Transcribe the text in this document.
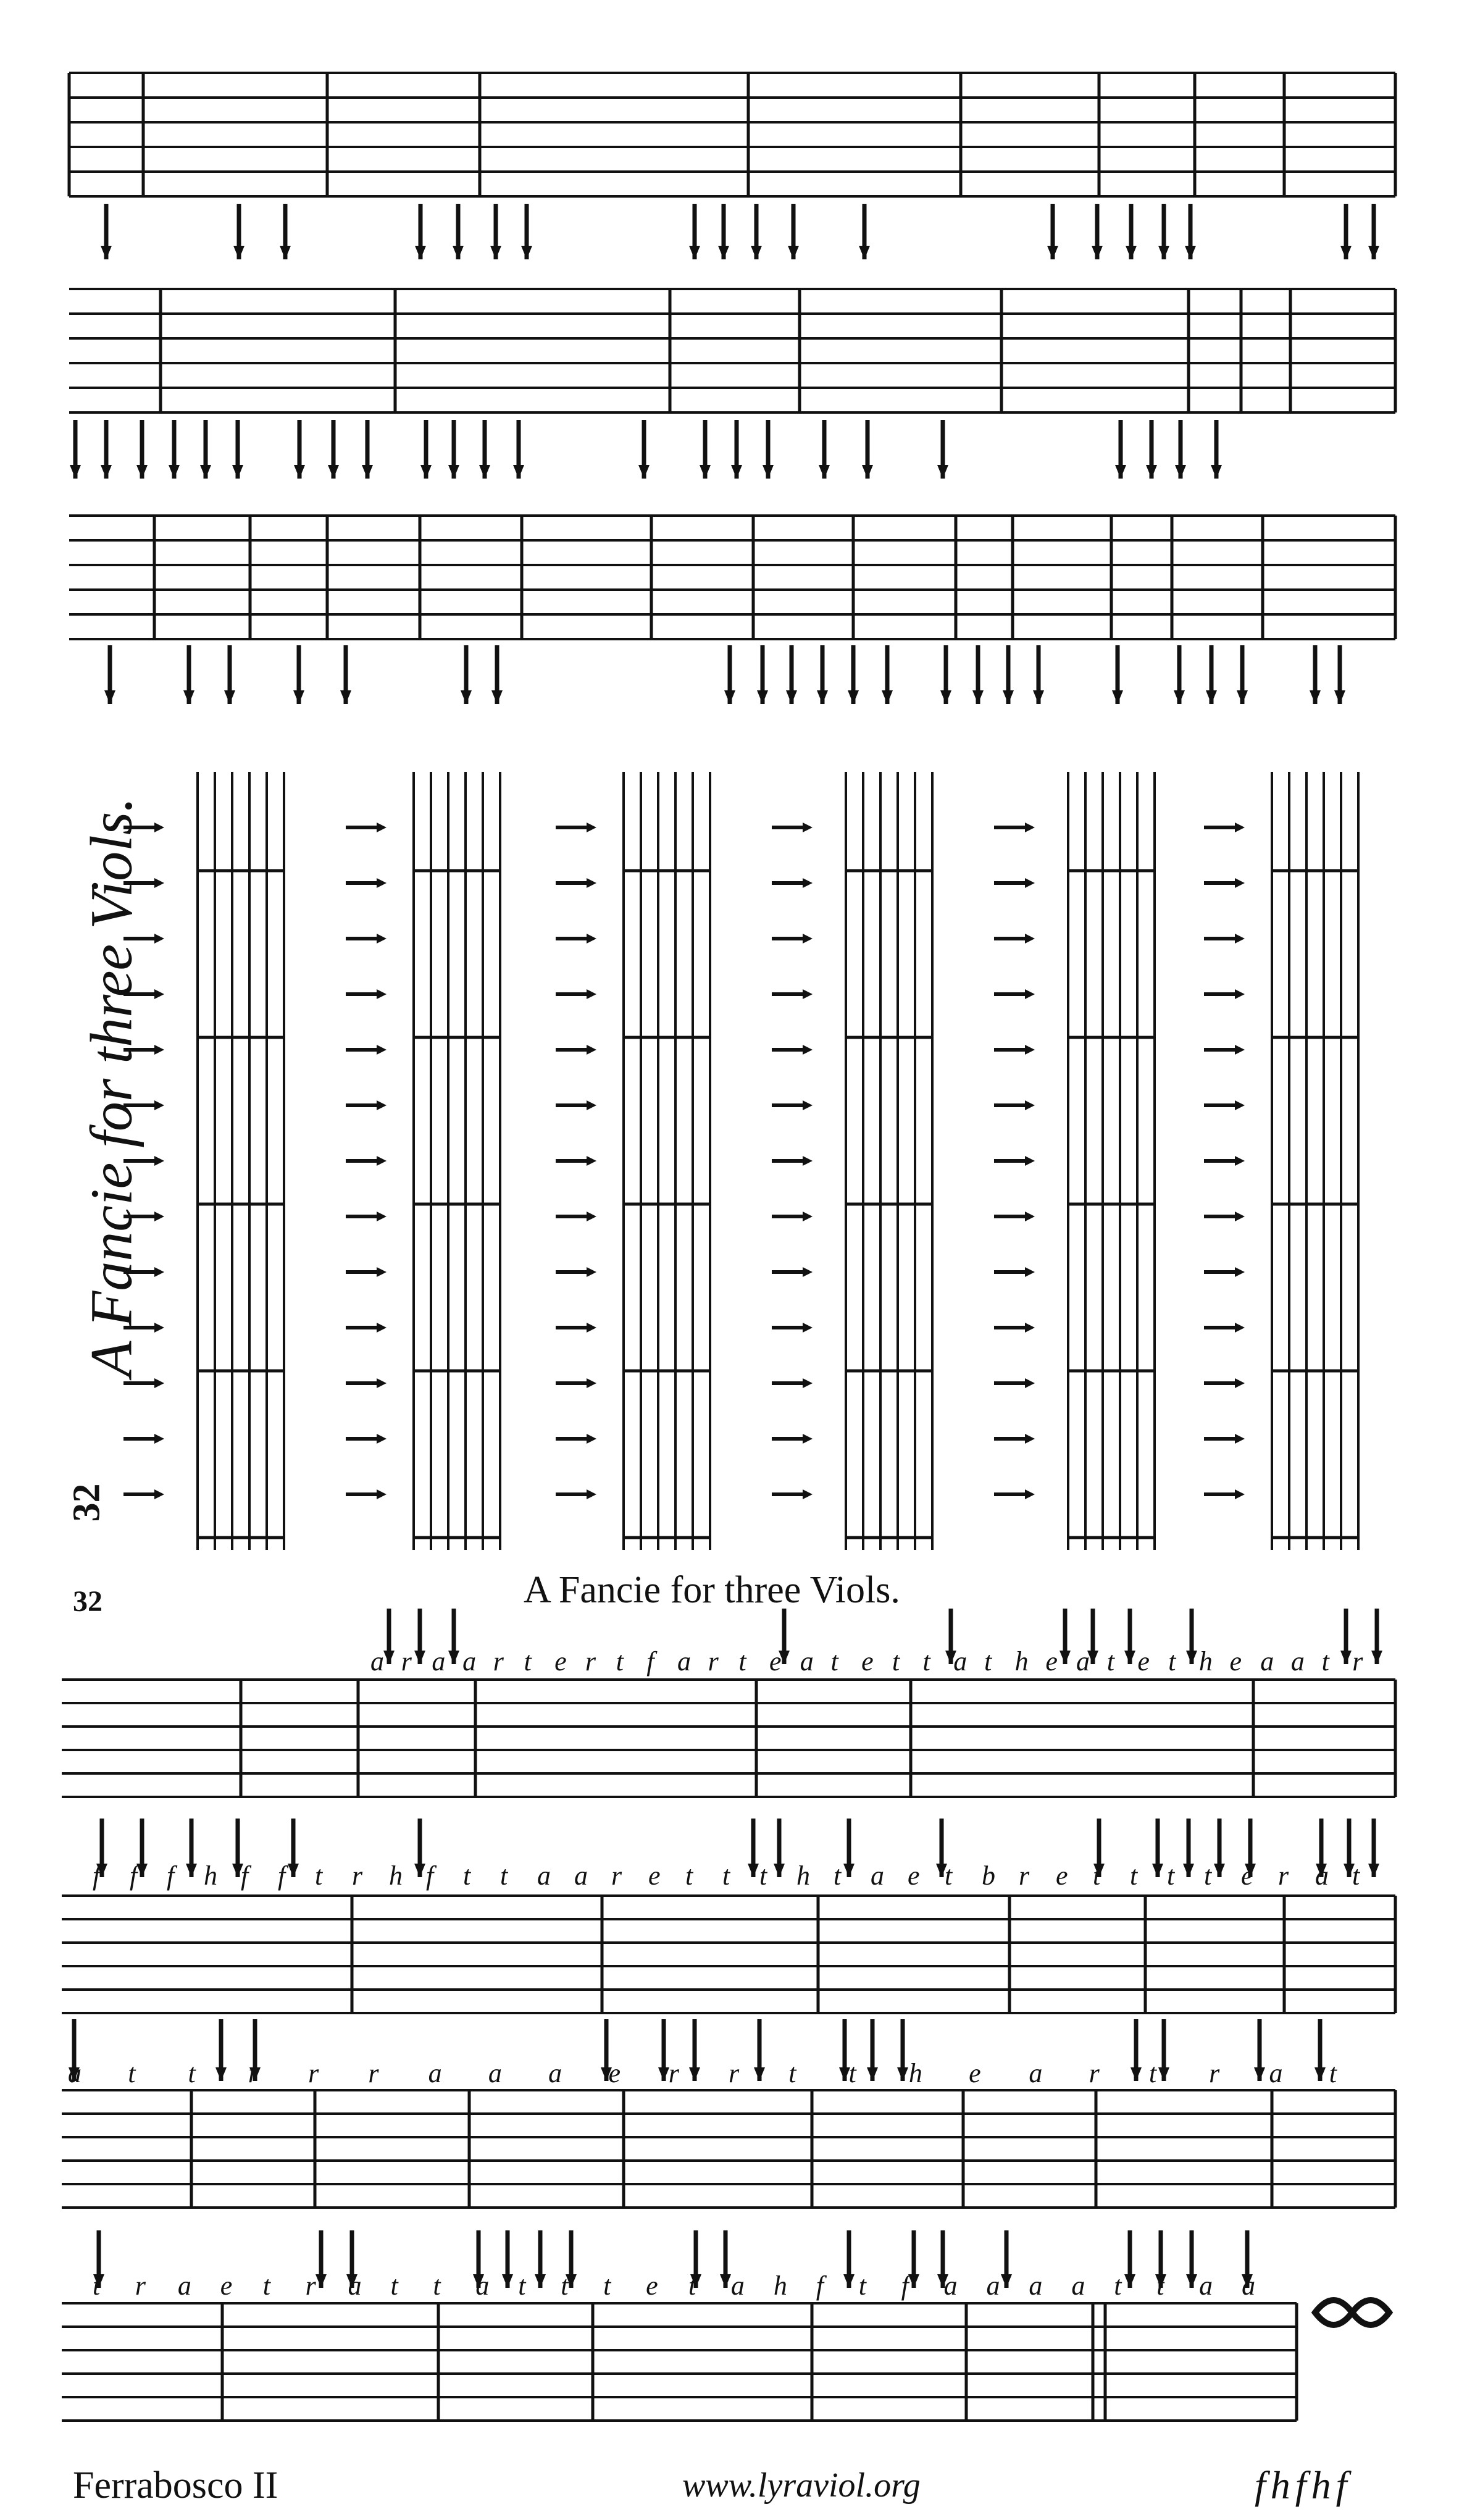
a r a a r t e r t f a r t e a t e t t a t h e a t e t h e a a t r
f f f h f f t r h f t t a a r e t t t h t a e t b r e t t t t e r a t
a t t r r r a a a e r r t t h e a r t r a t
t r a e t r a t t a t t t e t a h f t f a a a a t t a a
A Fancie for three Viols.
32
A Fancie for three Viols.
32
Ferrabosco II	www.lyraviol.org	fhfhf
